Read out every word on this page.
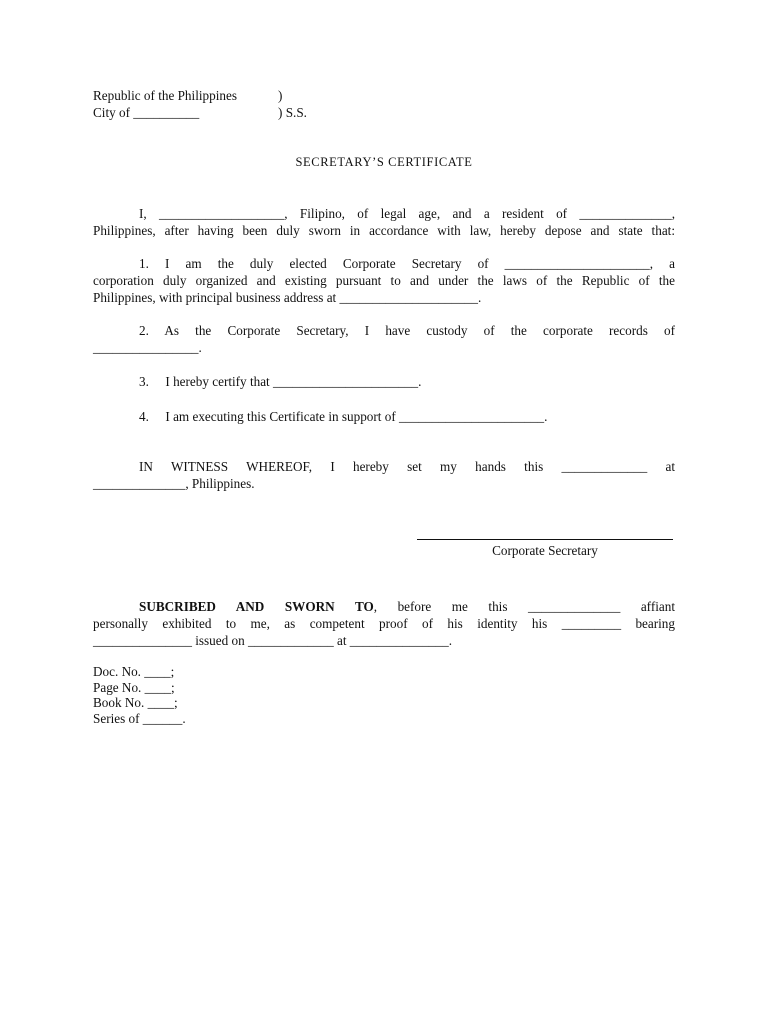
Republic of the Philippines	)
City of __________	) S.S.
SECRETARY’S CERTIFICATE
I, ___________________, Filipino, of legal age, and a resident of ______________,
Philippines, after having been duly sworn in accordance with law, hereby depose and state that:
1. I am the duly elected Corporate Secretary of ______________________, a
corporation duly organized and existing pursuant to and under the laws of the Republic of the
Philippines, with principal business address at _____________________.
2. As the Corporate Secretary, I have custody of the corporate records of
________________.
3.     I hereby certify that ______________________.
4.     I am executing this Certificate in support of ______________________.
IN WITNESS WHEREOF, I hereby set my hands this _____________ at
______________, Philippines.
Corporate Secretary
SUBCRIBED AND SWORN TO, before me this ______________ affiant
personally exhibited to me, as competent proof of his identity his _________ bearing
_______________ issued on _____________ at _______________.
Doc. No. ____;
Page No. ____;
Book No. ____;
Series of ______.
